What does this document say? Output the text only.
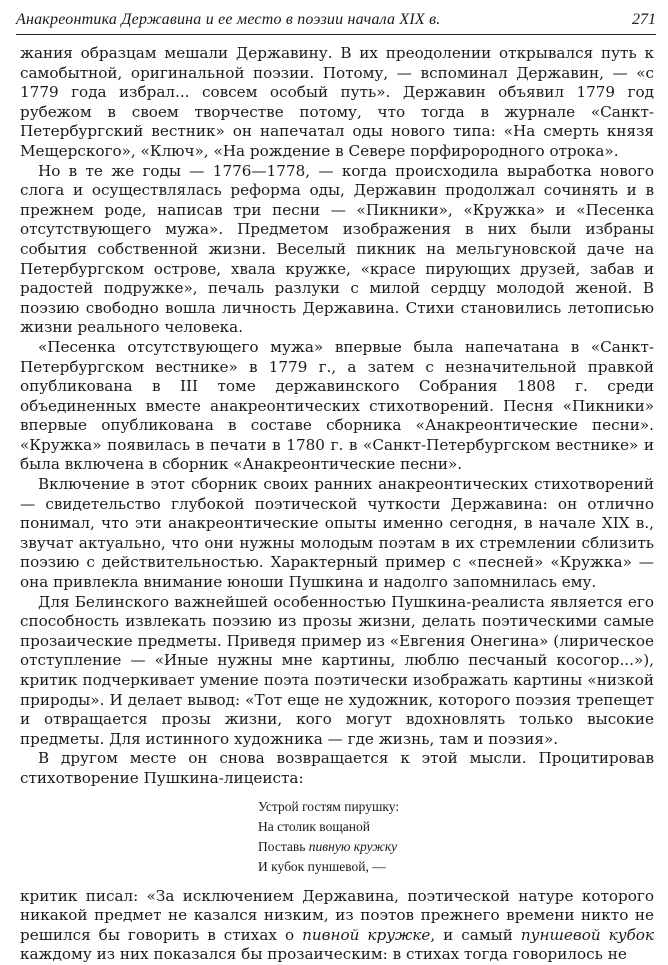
Анакреонтика Державина и ее место в поэзии начала XIX в.	271

жания образцам мешали Державину. В их преодолении открывался путь к самобытной, оригинальной поэзии. Потому, — вспоминал Державин, — «с 1779 года избрал... совсем особый путь». Державин объявил 1779 год рубежом в своем творчестве потому, что тогда в журнале «Санкт-Петербургский вестник» он напечатал оды нового типа: «На смерть князя Мещерского», «Ключ», «На рождение в Севере порфирородного отрока».

Но в те же годы — 1776—1778, — когда происходила выработка нового слога и осуществлялась реформа оды, Державин продолжал сочинять и в прежнем роде, написав три песни — «Пикники», «Кружка» и «Песенка отсутствующего мужа». Предметом изображения в них были избраны события собственной жизни. Веселый пикник на мельгуновской даче на Петербургском острове, хвала кружке, «красе пирующих друзей, забав и радостей подружке», печаль разлуки с милой сердцу молодой женой. В поэзию свободно вошла личность Державина. Стихи становились летописью жизни реального человека.

«Песенка отсутствующего мужа» впервые была напечатана в «Санкт-Петербургском вестнике» в 1779 г., а затем с незначительной правкой опубликована в III томе державинского Собрания 1808 г. среди объединенных вместе анакреонтических стихотворений. Песня «Пикники» впервые опубликована в составе сборника «Анакреонтические песни». «Кружка» появилась в печати в 1780 г. в «Санкт-Петербургском вестнике» и была включена в сборник «Анакреонтические песни».

Включение в этот сборник своих ранних анакреонтических стихотворений — свидетельство глубокой поэтической чуткости Державина: он отлично понимал, что эти анакреонтические опыты именно сегодня, в начале XIX в., звучат актуально, что они нужны молодым поэтам в их стремлении сблизить поэзию с действительностью. Характерный пример с «песней» «Кружка» — она привлекла внимание юноши Пушкина и надолго запомнилась ему.

Для Белинского важнейшей особенностью Пушкина-реалиста является его способность извлекать поэзию из прозы жизни, делать поэтическими самые прозаические предметы. Приведя пример из «Евгения Онегина» (лирическое отступление — «Иные нужны мне картины, люблю песчаный косогор...»), критик подчеркивает умение поэта поэтически изображать картины «низкой природы». И делает вывод: «Тот еще не художник, которого поэзия трепещет и отвращается прозы жизни, кого могут вдохновлять только высокие предметы. Для истинного художника — где жизнь, там и поэзия».

В другом месте он снова возвращается к этой мысли. Процитировав стихотворение Пушкина-лицеиста:

Устрой гостям пирушку:
На столик вощаной
Поставь пивную кружку
И кубок пуншевой, —

критик писал: «За исключением Державина, поэтической натуре которого никакой предмет не казался низким, из поэтов прежнего времени никто не решился бы говорить в стихах о пивной кружке, и самый пуншевой кубок каждому из них показался бы прозаическим: в стихах тогда говорилось не
